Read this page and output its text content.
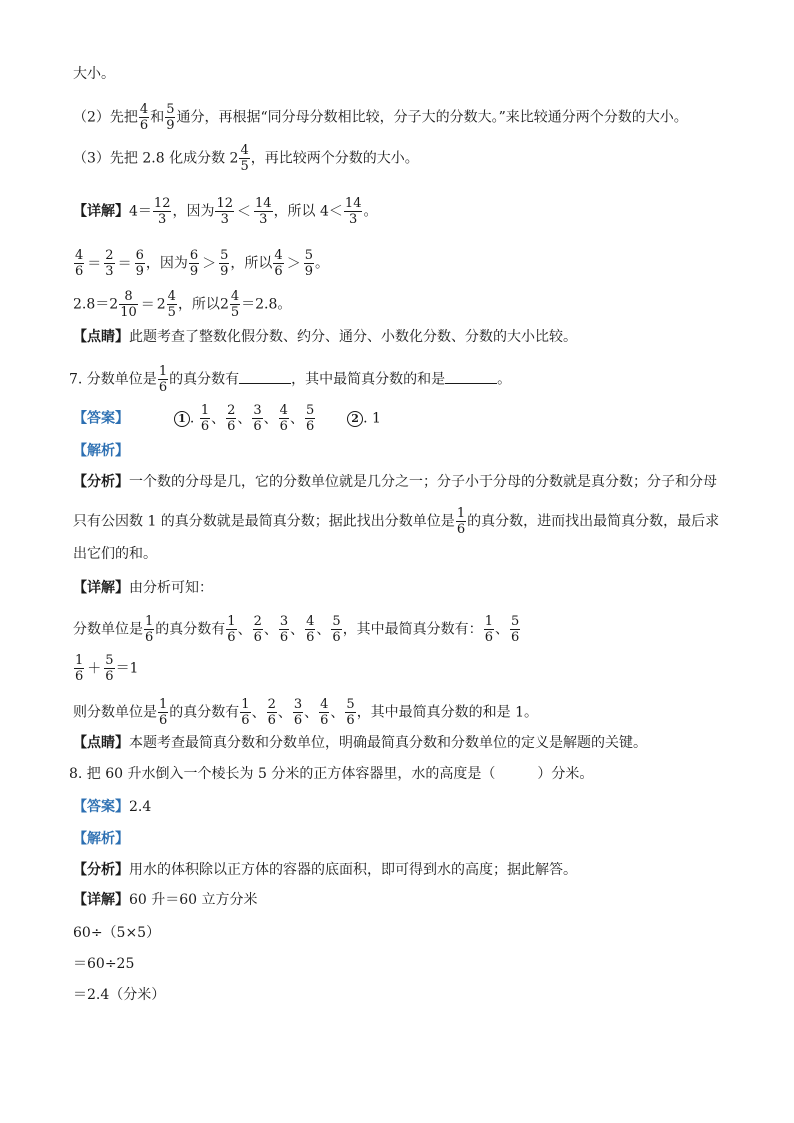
大小。
（2）先把 $\frac{4}{6}$ 和 $\frac{5}{9}$ 通分，再根据“同分母分数相比较，分子大的分数大。”来比较通分两个分数的大小。
（3）先把 2.8 化成分数 $2 \frac{4}{5}$ ，再比较两个分数的大小。
【详解】$4= \frac{12}{3}$ ，因为 $\frac{12}{3} < \frac{14}{3}$ ，所以 $4< \frac{14}{3}$ 。
$\frac{4}{6} = \frac{2}{3} = \frac{6}{9}$ ，因为 $\frac{6}{9} > \frac{5}{9}$ ，所以 $\frac{4}{6} > \frac{5}{9}$ 。
$2.8=2 \frac{8}{10} = 2 \frac{4}{5}$ ，所以$2 \frac{4}{5} =2.8$。
【点睛】此题考查了整数化假分数、约分、通分、小数化分数、分数的大小比较。
7. 分数单位是 $\frac{1}{6}$ 的真分数有	，其中最简真分数的和是	。
【答案】	1 . $\frac{1}{6}$ 、 $\frac{2}{6}$ 、 $\frac{3}{6}$ 、 $\frac{4}{6}$ 、 $\frac{5}{6}$	2 . 1
【解析】
【分析】一个数的分母是几，它的分数单位就是几分之一；分子小于分母的分数就是真分数；分子和分母
只有公因数 1 的真分数就是最简真分数；据此找出分数单位是 $\frac{1}{6}$ 的真分数，进而找出最简真分数，最后求
出它们的和。
【详解】由分析可知：
分数单位是 $\frac{1}{6}$ 的真分数有 $\frac{1}{6}$ 、 $\frac{2}{6}$ 、 $\frac{3}{6}$ 、 $\frac{4}{6}$ 、 $\frac{5}{6}$ ，其中最简真分数有： $\frac{1}{6}$ 、 $\frac{5}{6}$
$\frac{1}{6} + \frac{5}{6} =1$
则分数单位是 $\frac{1}{6}$ 的真分数有 $\frac{1}{6}$ 、 $\frac{2}{6}$ 、 $\frac{3}{6}$ 、 $\frac{4}{6}$ 、 $\frac{5}{6}$ ，其中最简真分数的和是 1。
【点睛】本题考查最简真分数和分数单位，明确最简真分数和分数单位的定义是解题的关键。
8. 把 60 升水倒入一个棱长为 5 分米的正方体容器里，水的高度是（　　　）分米。
【答案】2.4
【解析】
【分析】用水的体积除以正方体的容器的底面积，即可得到水的高度；据此解答。
【详解】60 升＝60 立方分米
60÷（5×5）
＝60÷25
＝2.4（分米）
